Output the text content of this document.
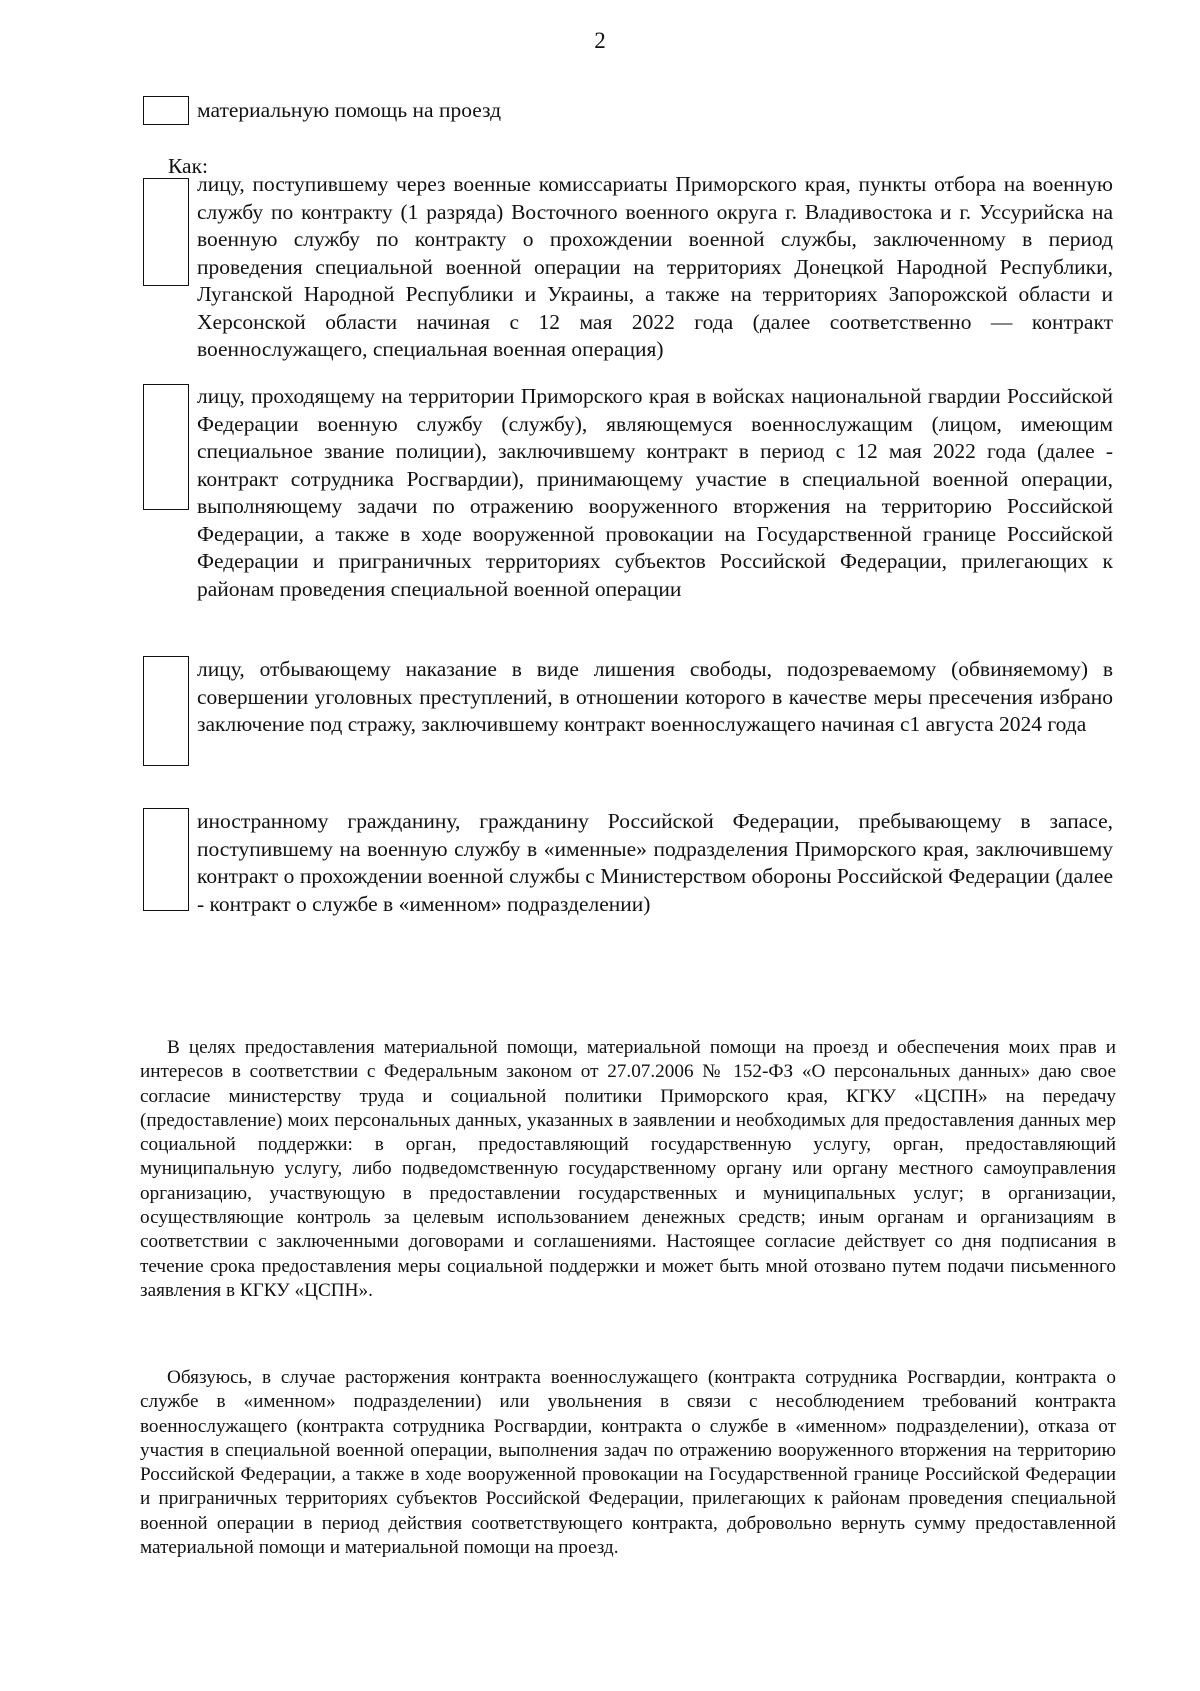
2
материальную помощь на проезд
Как:
лицу, поступившему через военные комиссариаты Приморского края, пункты отбора на военную службу по контракту (1 разряда) Восточного военного округа г. Владивостока и г. Уссурийска на военную службу по контракту о прохождении военной службы, заключенному в период проведения специальной военной операции на территориях Донецкой Народной Республики, Луганской Народной Республики и Украины, а также на территориях Запорожской области и Херсонской области начиная с 12 мая 2022 года (далее соответственно — контракт военнослужащего, специальная военная операция)
лицу, проходящему на территории Приморского края в войсках национальной гвардии Российской Федерации военную службу (службу), являющемуся военнослужащим (лицом, имеющим специальное звание полиции), заключившему контракт в период с 12 мая 2022 года (далее - контракт сотрудника Росгвардии), принимающему участие в специальной военной операции, выполняющему задачи по отражению вооруженного вторжения на территорию Российской Федерации, а также в ходе вооруженной провокации на Государственной границе Российской Федерации и приграничных территориях субъектов Российской Федерации, прилегающих к районам проведения специальной военной операции
лицу, отбывающему наказание в виде лишения свободы, подозреваемому (обвиняемому) в совершении уголовных преступлений, в отношении которого в качестве меры пресечения избрано заключение под стражу, заключившему контракт военнослужащего начиная с1 августа 2024 года
иностранному гражданину, гражданину Российской Федерации, пребывающему в запасе, поступившему на военную службу в «именные» подразделения Приморского края, заключившему контракт о прохождении военной службы с Министерством обороны Российской Федерации (далее - контракт о службе в «именном» подразделении)
В целях предоставления материальной помощи, материальной помощи на проезд и обеспечения моих прав и интересов в соответствии с Федеральным законом от 27.07.2006 № 152-ФЗ «О персональных данных» даю свое согласие министерству труда и социальной политики Приморского края, КГКУ «ЦСПН» на передачу (предоставление) моих персональных данных, указанных в заявлении и необходимых для предоставления данных мер социальной поддержки: в орган, предоставляющий государственную услугу, орган, предоставляющий муниципальную услугу, либо подведомственную государственному органу или органу местного самоуправления организацию, участвующую в предоставлении государственных и муниципальных услуг; в организации, осуществляющие контроль за целевым использованием денежных средств; иным органам и организациям в соответствии с заключенными договорами и соглашениями. Настоящее согласие действует со дня подписания в течение срока предоставления меры социальной поддержки и может быть мной отозвано путем подачи письменного заявления в КГКУ «ЦСПН».
Обязуюсь, в случае расторжения контракта военнослужащего (контракта сотрудника Росгвардии, контракта о службе в «именном» подразделении) или увольнения в связи с несоблюдением требований контракта военнослужащего (контракта сотрудника Росгвардии, контракта о службе в «именном» подразделении), отказа от участия в специальной военной операции, выполнения задач по отражению вооруженного вторжения на территорию Российской Федерации, а также в ходе вооруженной провокации на Государственной границе Российской Федерации и приграничных территориях субъектов Российской Федерации, прилегающих к районам проведения специальной военной операции в период действия соответствующего контракта, добровольно вернуть сумму предоставленной материальной помощи и материальной помощи на проезд.
